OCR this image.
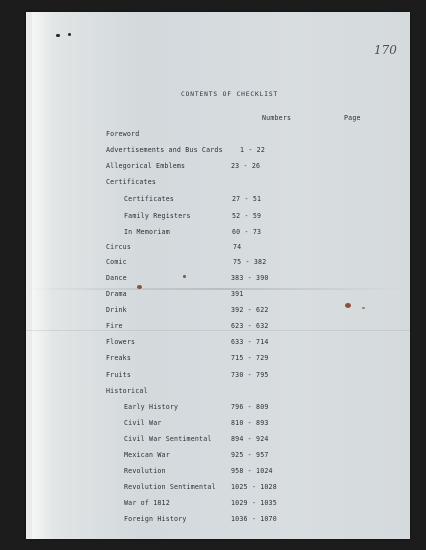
170
CONTENTS OF CHECKLIST
Numbers	Page
Foreword
Advertisements and Bus Cards	1 - 22
Allegorical Emblems	23 - 26
Certificates
Certificates	27 - 51
Family Registers	52 - 59
In Memoriam	60 - 73
Circus	74
Comic	75 - 382
Dance	383 - 390
Drama	391
Drink	392 - 622
Fire	623 - 632
Flowers	633 - 714
Freaks	715 - 729
Fruits	730 - 795
Historical
Early History	796 - 809
Civil War	810 - 893
Civil War Sentimental	894 - 924
Mexican War	925 - 957
Revolution	958 - 1024
Revolution Sentimental 1025 - 1028
War of 1812	1029 - 1035
Foreign History	1036 - 1070
